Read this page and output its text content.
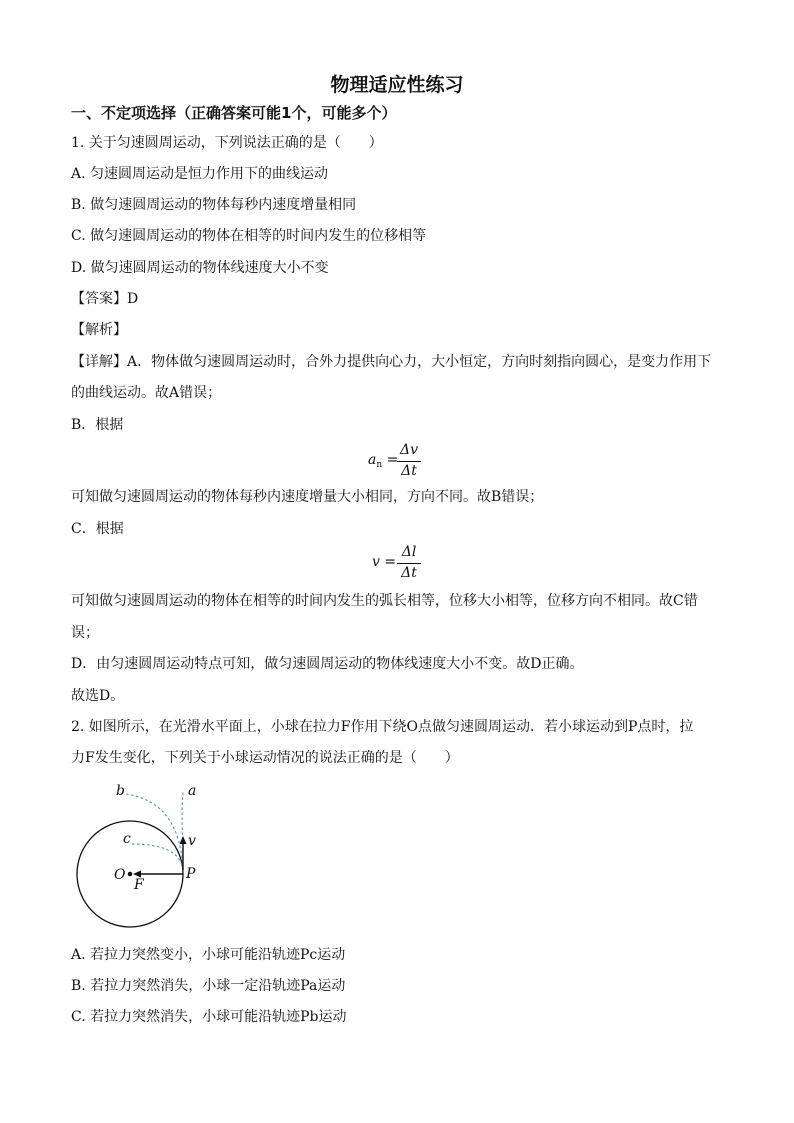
物理适应性练习
一、不定项选择（正确答案可能1个，可能多个）
1. 关于匀速圆周运动，下列说法正确的是（　　）
A. 匀速圆周运动是恒力作用下的曲线运动
B. 做匀速圆周运动的物体每秒内速度增量相同
C. 做匀速圆周运动的物体在相等的时间内发生的位移相等
D. 做匀速圆周运动的物体线速度大小不变
【答案】D
【解析】
【详解】A．物体做匀速圆周运动时，合外力提供向心力，大小恒定，方向时刻指向圆心，是变力作用下
的曲线运动。故A错误；
B．根据
$a_n$ =
Δv
Δt
可知做匀速圆周运动的物体每秒内速度增量大小相同，方向不同。故B错误；
C．根据
v =
Δl
Δt
可知做匀速圆周运动的物体在相等的时间内发生的弧长相等，位移大小相等，位移方向不相同。故C错
误；
D．由匀速圆周运动特点可知，做匀速圆周运动的物体线速度大小不变。故D正确。
故选D。
2. 如图所示，在光滑水平面上，小球在拉力F作用下绕O点做匀速圆周运动．若小球运动到P点时，拉
力F发生变化，下列关于小球运动情况的说法正确的是（　　）
b	a
c	v
O	P
F
A. 若拉力突然变小，小球可能沿轨迹Pc运动
B. 若拉力突然消失，小球一定沿轨迹Pa运动
C. 若拉力突然消失，小球可能沿轨迹Pb运动
